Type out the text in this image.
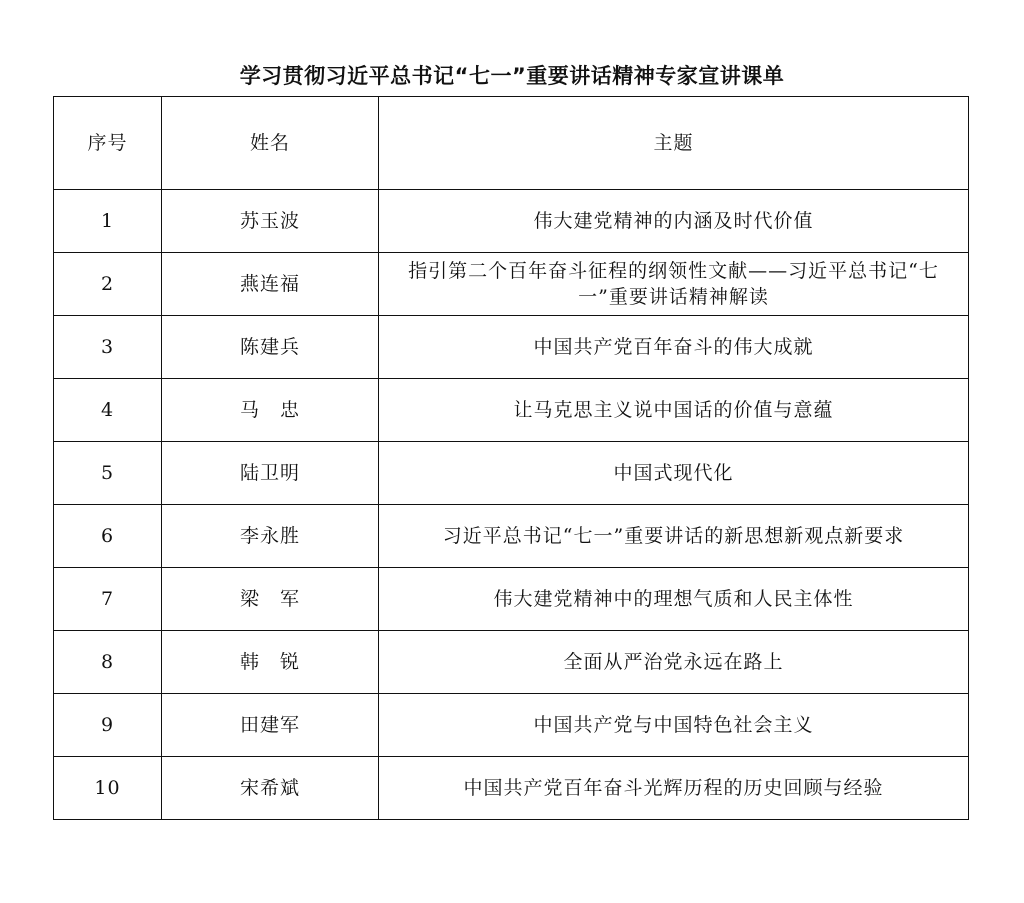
学习贯彻习近平总书记“七一”重要讲话精神专家宣讲课单
序号	姓名	主题
1	苏玉波	伟大建党精神的内涵及时代价值
2	燕连福	指引第二个百年奋斗征程的纲领性文献——习近平总书记“七一”重要讲话精神解读
3	陈建兵	中国共产党百年奋斗的伟大成就
4	马　忠	让马克思主义说中国话的价值与意蕴
5	陆卫明	中国式现代化
6	李永胜	习近平总书记“七一”重要讲话的新思想新观点新要求
7	梁　军	伟大建党精神中的理想气质和人民主体性
8	韩　锐	全面从严治党永远在路上
9	田建军	中国共产党与中国特色社会主义
10	宋希斌	中国共产党百年奋斗光辉历程的历史回顾与经验
